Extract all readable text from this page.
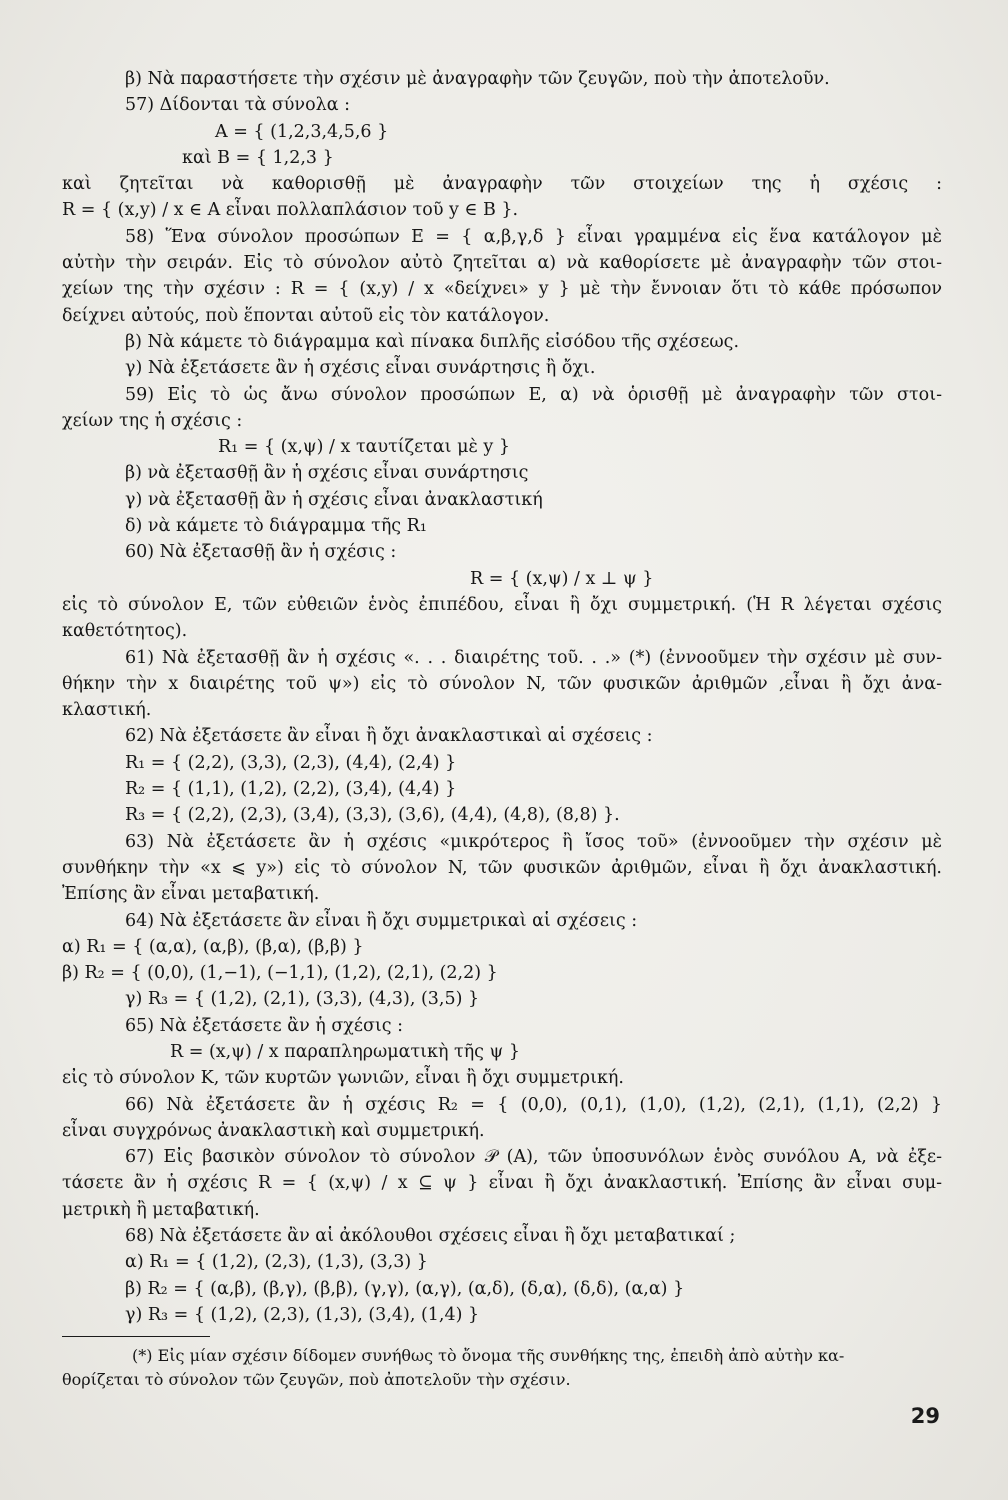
β) Νὰ παραστήσετε τὴν σχέσιν μὲ ἀναγραφὴν τῶν ζευγῶν, ποὺ τὴν ἀποτελοῦν.
57) Δίδονται τὰ σύνολα :
A = { (1,2,3,4,5,6 }
καὶ B = { 1,2,3 }
καὶ ζητεῖται νὰ καθορισθῇ μὲ ἀναγραφὴν τῶν στοιχείων της ἡ σχέσις :
R = { (x,y) / x ∈ A εἶναι πολλαπλάσιον τοῦ y ∈ B }.
58) Ἕνα σύνολον προσώπων E = { α,β,γ,δ } εἶναι γραμμένα εἰς ἕνα κατάλογον μὲ
αὐτὴν τὴν σειράν. Εἰς τὸ σύνολον αὐτὸ ζητεῖται α) νὰ καθορίσετε μὲ ἀναγραφὴν τῶν στοι-
χείων της τὴν σχέσιν : R = { (x,y) / x «δείχνει» y } μὲ τὴν ἔννοιαν ὅτι τὸ κάθε πρόσωπον
δείχνει αὐτούς, ποὺ ἕπονται αὐτοῦ εἰς τὸν κατάλογον.
β) Νὰ κάμετε τὸ διάγραμμα καὶ πίνακα διπλῆς εἰσόδου τῆς σχέσεως.
γ) Νὰ ἐξετάσετε ἂν ἡ σχέσις εἶναι συνάρτησις ἢ ὄχι.
59) Εἰς τὸ ὡς ἄνω σύνολον προσώπων E, α) νὰ ὁρισθῇ μὲ ἀναγραφὴν τῶν στοι-
χείων της ἡ σχέσις :
R₁ = { (x,ψ) / x ταυτίζεται μὲ y }
β) νὰ ἐξετασθῇ ἂν ἡ σχέσις εἶναι συνάρτησις
γ) νὰ ἐξετασθῇ ἂν ἡ σχέσις εἶναι ἀνακλαστική
δ) νὰ κάμετε τὸ διάγραμμα τῆς R₁
60) Νὰ ἐξετασθῇ ἂν ἡ σχέσις :
R = { (x,ψ) / x ⊥ ψ }
εἰς τὸ σύνολον E, τῶν εὐθειῶν ἑνὸς ἐπιπέδου, εἶναι ἢ ὄχι συμμετρική. (Ἡ R λέγεται σχέσις
καθετότητος).
61) Νὰ ἐξετασθῇ ἂν ἡ σχέσις «. . . διαιρέτης τοῦ. . .» (*) (ἐννοοῦμεν τὴν σχέσιν μὲ συν-
θήκην τὴν x διαιρέτης τοῦ ψ») εἰς τὸ σύνολον N, τῶν φυσικῶν ἀριθμῶν ,εἶναι ἢ ὄχι ἀνα-
κλαστική.
62) Νὰ ἐξετάσετε ἂν εἶναι ἢ ὄχι ἀνακλαστικαὶ αἱ σχέσεις :
R₁ = { (2,2), (3,3), (2,3), (4,4), (2,4) }
R₂ = { (1,1), (1,2), (2,2), (3,4), (4,4) }
R₃ = { (2,2), (2,3), (3,4), (3,3), (3,6), (4,4), (4,8), (8,8) }.
63) Νὰ ἐξετάσετε ἂν ἡ σχέσις «μικρότερος ἢ ἴσος τοῦ» (ἐννοοῦμεν τὴν σχέσιν μὲ
συνθήκην τὴν «x ⩽ y») εἰς τὸ σύνολον N, τῶν φυσικῶν ἀριθμῶν, εἶναι ἢ ὄχι ἀνακλαστική.
Ἐπίσης ἂν εἶναι μεταβατική.
64) Νὰ ἐξετάσετε ἂν εἶναι ἢ ὄχι συμμετρικαὶ αἱ σχέσεις :
α) R₁ = { (α,α), (α,β), (β,α), (β,β) }
β) R₂ = { (0,0), (1,−1), (−1,1), (1,2), (2,1), (2,2) }
γ) R₃ = { (1,2), (2,1), (3,3), (4,3), (3,5) }
65) Νὰ ἐξετάσετε ἂν ἡ σχέσις :
R = (x,ψ) / x παραπληρωματικὴ τῆς ψ }
εἰς τὸ σύνολον K, τῶν κυρτῶν γωνιῶν, εἶναι ἢ ὄχι συμμετρική.
66) Νὰ ἐξετάσετε ἂν ἡ σχέσις R₂ = { (0,0), (0,1), (1,0), (1,2), (2,1), (1,1), (2,2) }
εἶναι συγχρόνως ἀνακλαστικὴ καὶ συμμετρική.
67) Εἰς βασικὸν σύνολον τὸ σύνολον 𝒫 (A), τῶν ὑποσυνόλων ἑνὸς συνόλου A, νὰ ἐξε-
τάσετε ἂν ἡ σχέσις R = { (x,ψ) / x ⊆ ψ } εἶναι ἢ ὄχι ἀνακλαστική. Ἐπίσης ἂν εἶναι συμ-
μετρικὴ ἢ μεταβατική.
68) Νὰ ἐξετάσετε ἂν αἱ ἀκόλουθοι σχέσεις εἶναι ἢ ὄχι μεταβατικαί ;
α) R₁ = { (1,2), (2,3), (1,3), (3,3) }
β) R₂ = { (α,β), (β,γ), (β,β), (γ,γ), (α,γ), (α,δ), (δ,α), (δ,δ), (α,α) }
γ) R₃ = { (1,2), (2,3), (1,3), (3,4), (1,4) }
(*) Εἰς μίαν σχέσιν δίδομεν συνήθως τὸ ὄνομα τῆς συνθήκης της, ἐπειδὴ ἀπὸ αὐτὴν κα-
θορίζεται τὸ σύνολον τῶν ζευγῶν, ποὺ ἀποτελοῦν τὴν σχέσιν.
29
